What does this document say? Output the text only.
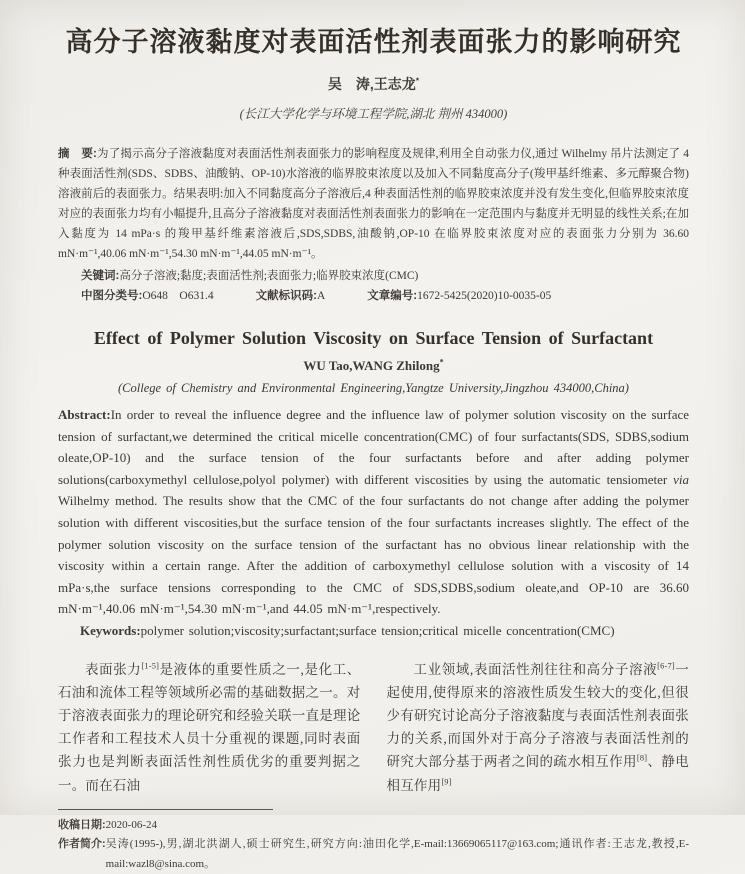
高分子溶液黏度对表面活性剂表面张力的影响研究
吴　涛,王志龙*
(长江大学化学与环境工程学院,湖北 荆州 434000)

摘　要:为了揭示高分子溶液黏度对表面活性剂表面张力的影响程度及规律,利用全自动张力仪,通过 Wilhelmy 吊片法测定了 4 种表面活性剂(SDS、SDBS、油酸钠、OP-10)水溶液的临界胶束浓度以及加入不同黏度高分子(羧甲基纤维素、多元醇聚合物)溶液前后的表面张力。结果表明:加入不同黏度高分子溶液后,4 种表面活性剂的临界胶束浓度并没有发生变化,但临界胶束浓度对应的表面张力均有小幅提升,且高分子溶液黏度对表面活性剂表面张力的影响在一定范围内与黏度并无明显的线性关系;在加入黏度为 14 mPa·s 的羧甲基纤维素溶液后,SDS,SDBS,油酸钠,OP-10 在临界胶束浓度对应的表面张力分别为 36.60 mN·m⁻¹,40.06 mN·m⁻¹,54.30 mN·m⁻¹,44.05 mN·m⁻¹。

关键词:高分子溶液;黏度;表面活性剂;表面张力;临界胶束浓度(CMC)

中图分类号:O648　O631.4	文献标识码:A	文章编号:1672-5425(2020)10-0035-05

Effect of Polymer Solution Viscosity on Surface Tension of Surfactant
WU Tao,WANG Zhilong*
(College of Chemistry and Environmental Engineering,Yangtze University,Jingzhou 434000,China)

Abstract:In order to reveal the influence degree and the influence law of polymer solution viscosity on the surface tension of surfactant,we determined the critical micelle concentration(CMC) of four surfactants(SDS, SDBS,sodium oleate,OP-10) and the surface tension of the four surfactants before and after adding polymer solutions(carboxymethyl cellulose,polyol polymer) with different viscosities by using the automatic tensiometer via Wilhelmy method. The results show that the CMC of the four surfactants do not change after adding the polymer solution with different viscosities,but the surface tension of the four surfactants increases slightly. The effect of the polymer solution viscosity on the surface tension of the surfactant has no obvious linear relationship with the viscosity within a certain range. After the addition of carboxymethyl cellulose solution with a viscosity of 14 mPa·s,the surface tensions corresponding to the CMC of SDS,SDBS,sodium oleate,and OP-10 are 36.60 mN·m⁻¹,40.06 mN·m⁻¹,54.30 mN·m⁻¹,and 44.05 mN·m⁻¹,respectively.

Keywords:polymer solution;viscosity;surfactant;surface tension;critical micelle concentration(CMC)

表面张力[1-5]是液体的重要性质之一,是化工、石油和流体工程等领域所必需的基础数据之一。对于溶液表面张力的理论研究和经验关联一直是理论工作者和工程技术人员十分重视的课题,同时表面张力也是判断表面活性剂性质优劣的重要判据之一。而在石油

工业领域,表面活性剂往往和高分子溶液[6-7]一起使用,使得原来的溶液性质发生较大的变化,但很少有研究讨论高分子溶液黏度与表面活性剂表面张力的关系,而国外对于高分子溶液与表面活性剂的研究大部分基于两者之间的疏水相互作用[8]、静电相互作用[9]

收稿日期: 2020-06-24
作者简介: 吴涛(1995-),男,湖北洪湖人,硕士研究生,研究方向:油田化学,E-mail:13669065117@163.com;通讯作者:王志龙,教授,E-mail:wazl8@sina.com。
